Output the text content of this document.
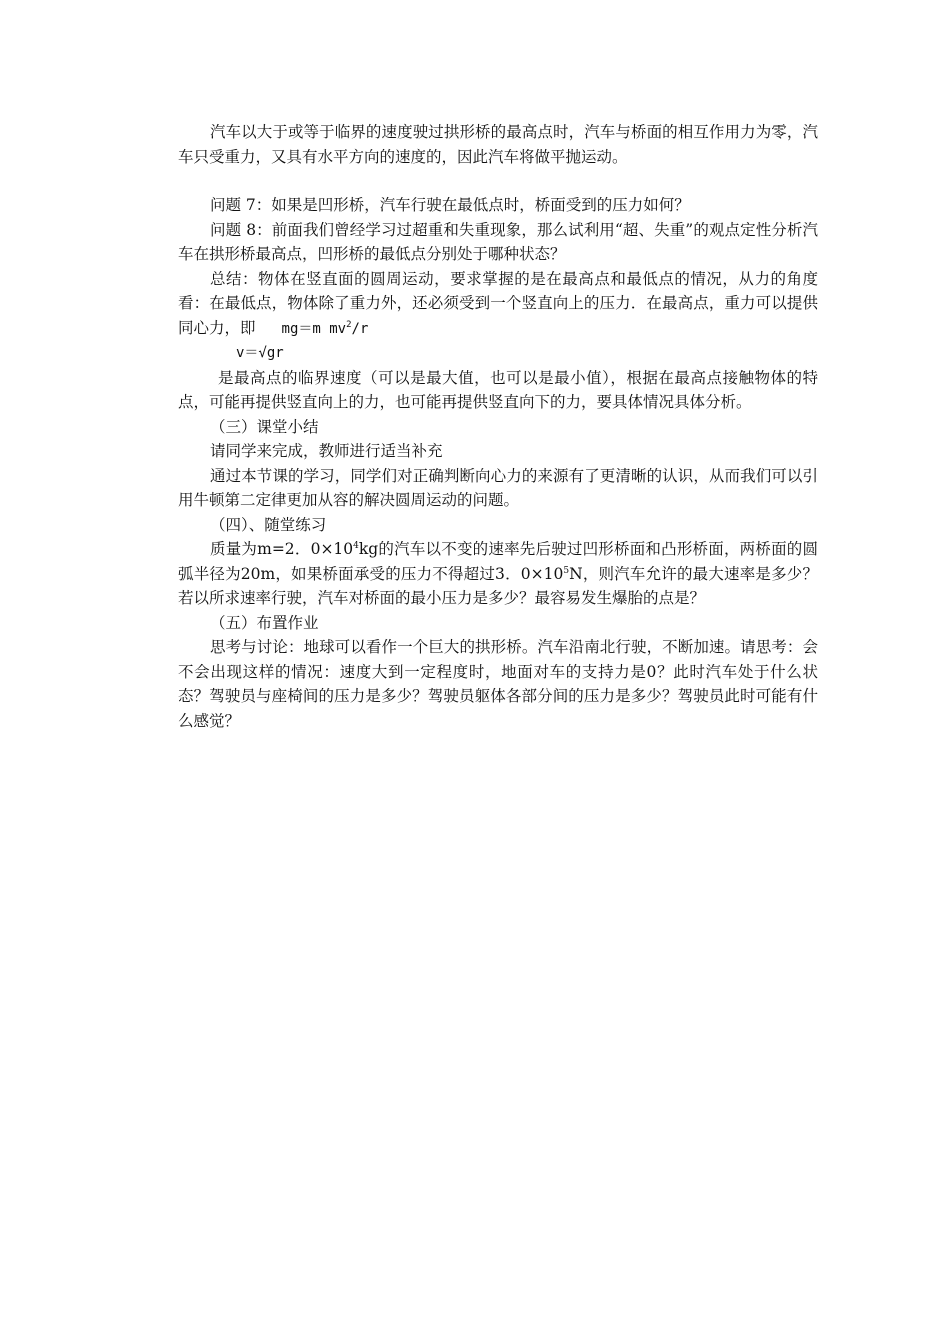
汽车以大于或等于临界的速度驶过拱形桥的最高点时，汽车与桥面的相互作用力为零，汽车只受重力，又具有水平方向的速度的，因此汽车将做平抛运动。

问题 7：如果是凹形桥，汽车行驶在最低点时，桥面受到的压力如何？

问题 8：前面我们曾经学习过超重和失重现象，那么试利用“超、失重”的观点定性分析汽车在拱形桥最高点，凹形桥的最低点分别处于哪种状态？

总结：物体在竖直面的圆周运动，要求掌握的是在最高点和最低点的情况，从力的角度看：在最低点，物体除了重力外，还必须受到一个竖直向上的压力．在最高点，重力可以提供同心力，即 mg＝m $mv^2/r$

v＝√gr

是最高点的临界速度（可以是最大值，也可以是最小值），根据在最高点接触物体的特点，可能再提供竖直向上的力，也可能再提供竖直向下的力，要具体情况具体分析。

（三）课堂小结

请同学来完成，教师进行适当补充

通过本节课的学习，同学们对正确判断向心力的来源有了更清晰的认识，从而我们可以引用牛顿第二定律更加从容的解决圆周运动的问题。

（四）、随堂练习

质量为m=2．$0\times 10^4kg$的汽车以不变的速率先后驶过凹形桥面和凸形桥面，两桥面的圆弧半径为20m，如果桥面承受的压力不得超过3．$0\times 10^5N$，则汽车允许的最大速率是多少？若以所求速率行驶，汽车对桥面的最小压力是多少？最容易发生爆胎的点是？

（五）布置作业

思考与讨论：地球可以看作一个巨大的拱形桥。汽车沿南北行驶，不断加速。请思考：会不会出现这样的情况：速度大到一定程度时，地面对车的支持力是0？此时汽车处于什么状态？驾驶员与座椅间的压力是多少？驾驶员躯体各部分间的压力是多少？驾驶员此时可能有什么感觉？
